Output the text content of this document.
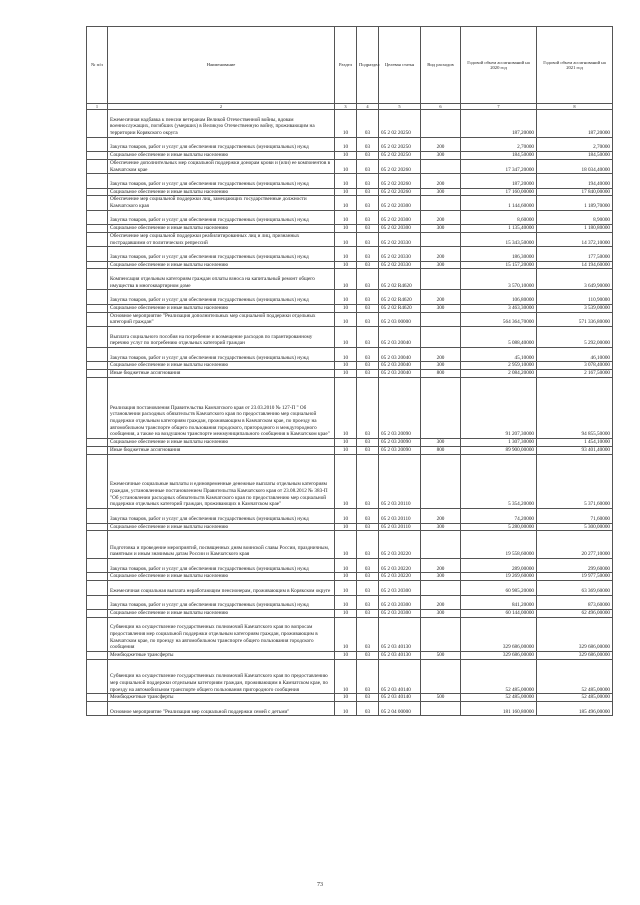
№ п/п	Наименование	Раздел	Подраздел	Целевая статья	Вид расходов	Годовой объем ассигнований на 2020 год	Годовой объем ассигнований на 2021 год
1	2	3	4	5	6	7	8
	Ежемесячная надбавка к пенсии ветеранам Великой Отечественной войны, вдовам военнослужащих, погибших (умерших) в Великую Отечественную войну, проживающим на территории Корякского округа	10	03	05 2 02 20250		187,20000	187,20000
	Закупка товаров, работ и услуг для обеспечения государственных (муниципальных) нужд	10	03	05 2 02 20250	200	2,70000	2,70000
	Социальное обеспечение и иные выплаты населению	10	03	05 2 02 20250	300	184,50000	184,50000
	Обеспечение дополнительных мер социальной поддержки донорам крови и (или) ее компонентов в Камчатском крае	10	03	05 2 02 20260		17 347,20000	18 034,40000
	Закупка товаров, работ и услуг для обеспечения государственных (муниципальных) нужд	10	03	05 2 02 20260	200	187,20000	194,40000
	Социальное обеспечение и иные выплаты населению	10	03	05 2 02 20260	300	17 160,00000	17 840,00000
	Обеспечение мер социальной поддержки лиц, замещающих государственные должности Камчатского края	10	03	05 2 02 20300		1 144,60000	1 189,70000
	Закупка товаров, работ и услуг для обеспечения государственных (муниципальных) нужд	10	03	05 2 02 20300	200	8,60000	8,90000
	Социальное обеспечение и иные выплаты населению	10	03	05 2 02 20300	300	1 135,40000	1 180,80000
	Обеспечение мер социальной поддержки реабилитированных лиц и лиц, признанных пострадавшими от политических репрессий	10	03	05 2 02 20330		15 343,50000	14 372,10000
	Закупка товаров, работ и услуг для обеспечения государственных (муниципальных) нужд	10	03	05 2 02 20330	200	186,30000	177,50000
	Социальное обеспечение и иные выплаты населению	10	03	05 2 02 20330	300	15 157,20000	14 194,60000
	Компенсация отдельным категориям граждан оплаты взноса на капитальный ремонт общего имущества в многоквартирном доме	10	03	05 2 02 R4620		3 570,10000	3 649,90000
	Закупка товаров, работ и услуг для обеспечения государственных (муниципальных) нужд	10	03	05 2 02 R4620	200	106,80000	110,90000
	Социальное обеспечение и иные выплаты населению	10	03	05 2 02 R4620	300	3 463,30000	3 539,00000
	Основное мероприятие "Реализация дополнительных мер социальной поддержки отдельных категорий граждан"	10	03	05 2 03 00000		564 364,70000	571 336,80000
	Выплата социального пособия на погребение и возмещение расходов по гарантированному перечню услуг по погребению отдельных категорий граждан	10	03	05 2 03 20040		5 088,40000	5 292,00000
	Закупка товаров, работ и услуг для обеспечения государственных (муниципальных) нужд	10	03	05 2 03 20040	200	45,10000	46,10000
	Социальное обеспечение и иные выплаты населению	10	03	05 2 03 20040	300	2 959,10000	3 078,40000
	Иные бюджетные ассигнования	10	03	05 2 03 20040	800	2 084,20000	2 167,50000
	Реализация постановления Правительства Камчатского края от 23.03.2010 № 127-П " Об установлении расходных обязательств Камчатского края по предоставлению мер социальной поддержки отдельным категориям граждан, проживающим в Камчатском крае, по проезду на автомобильном транспорте общего пользования городского, пригородного и междугородного сообщения, а также на воздушном транспорте межмуниципального сообщения в Камчатском крае"	10	03	05 2 03 20090		91 207,30000	94 855,50000
	Социальное обеспечение и иные выплаты населению	10	03	05 2 03 20090	300	1 307,30000	1 454,10000
	Иные бюджетные ассигнования	10	03	05 2 03 20090	800	89 900,00000	93 401,40000
	Ежемесячные социальные выплаты и единовременные денежные выплаты отдельным категориям граждан, установленные постановлением Правительства Камчатского края от 23.08.2012 № 383-П "Об установлении расходных обязательств Камчатского края по предоставлению мер социальной поддержки отдельных категорий граждан, проживающих в Камчатском крае"	10	03	05 2 03 20110		5 354,20000	5 371,60000
	Закупка товаров, работ и услуг для обеспечения государственных (муниципальных) нужд	10	03	05 2 03 20110	200	74,20000	71,60000
	Социальное обеспечение и иные выплаты населению	10	03	05 2 03 20110	300	5 280,00000	5 300,00000
	Подготовка и проведение мероприятий, посвященных дням воинской славы России, праздничным, памятным и иным значимым датам России и Камчатского края	10	03	05 2 03 20220		19 558,60000	20 277,10000
	Закупка товаров, работ и услуг для обеспечения государственных (муниципальных) нужд	10	03	05 2 03 20220	200	289,00000	299,60000
	Социальное обеспечение и иные выплаты населению	10	03	05 2 03 20220	300	19 269,60000	19 977,50000
	Ежемесячная социальная выплата неработающим пенсионерам, проживающим в Корякском округе	10	03	05 2 03 20300		60 985,20000	63 369,60000
	Закупка товаров, работ и услуг для обеспечения государственных (муниципальных) нужд	10	03	05 2 03 20300	200	841,20000	873,60000
	Социальное обеспечение и иные выплаты населению	10	03	05 2 03 20300	300	60 144,00000	62 496,00000
	Субвенции на осуществление государственных полномочий Камчатского края по вопросам предоставления мер социальной поддержки отдельным категориям граждан, проживающим в Камчатском крае, по проезду на автомобильном транспорте общего пользования городского сообщения	10	03	05 2 03 40130		329 686,00000	329 686,00000
	Межбюджетные трансферты	10	03	05 2 03 40130	500	329 686,00000	329 686,00000
	Субвенции на осуществление государственных полномочий Камчатского края по предоставлению мер социальной поддержки отдельным категориям граждан, проживающим в Камчатском крае, по проезду на автомобильном транспорте общего пользования пригородного сообщения	10	03	05 2 03 40140		52 485,00000	52 485,00000
	Межбюджетные трансферты	10	03	05 2 03 40140	500	52 485,00000	52 485,00000
	Основное мероприятие "Реализация мер социальной поддержки семей с детьми"	10	03	05 2 04 00000		181 160,80000	185 496,00000
73
